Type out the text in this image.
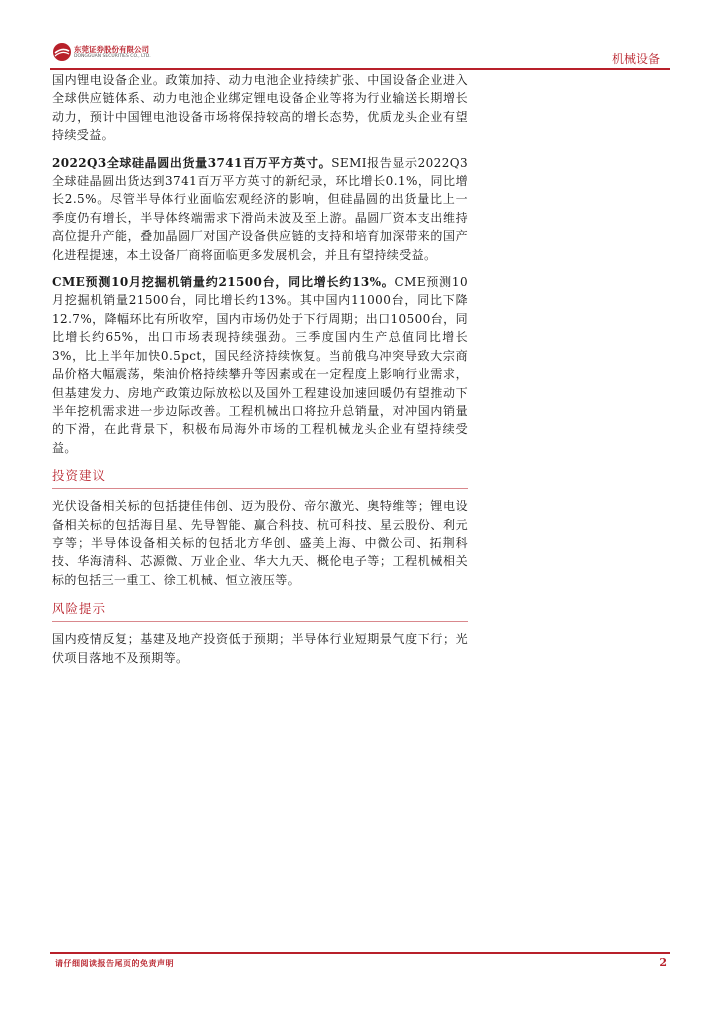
东莞证券股份有限公司
DONGGUAN SECURITIES CO., LTD.	机械设备

国内锂电设备企业。政策加持、动力电池企业持续扩张、中国设备企业进入全球供应链体系、动力电池企业绑定锂电设备企业等将为行业输送长期增长动力，预计中国锂电池设备市场将保持较高的增长态势，优质龙头企业有望持续受益。

2022Q3全球硅晶圆出货量3741百万平方英寸。SEMI报告显示2022Q3全球硅晶圆出货达到3741百万平方英寸的新纪录，环比增长0.1%，同比增长2.5%。尽管半导体行业面临宏观经济的影响，但硅晶圆的出货量比上一季度仍有增长，半导体终端需求下滑尚未波及至上游。晶圆厂资本支出维持高位提升产能，叠加晶圆厂对国产设备供应链的支持和培育加深带来的国产化进程提速，本土设备厂商将面临更多发展机会，并且有望持续受益。

CME预测10月挖掘机销量约21500台，同比增长约13%。CME预测10月挖掘机销量21500台，同比增长约13%。其中国内11000台，同比下降12.7%，降幅环比有所收窄，国内市场仍处于下行周期；出口10500台，同比增长约65%，出口市场表现持续强劲。三季度国内生产总值同比增长3%，比上半年加快0.5pct，国民经济持续恢复。当前俄乌冲突导致大宗商品价格大幅震荡，柴油价格持续攀升等因素或在一定程度上影响行业需求，但基建发力、房地产政策边际放松以及国外工程建设加速回暖仍有望推动下半年挖机需求进一步边际改善。工程机械出口将拉升总销量，对冲国内销量的下滑，在此背景下，积极布局海外市场的工程机械龙头企业有望持续受益。

投资建议

光伏设备相关标的包括捷佳伟创、迈为股份、帝尔激光、奥特维等；锂电设备相关标的包括海目星、先导智能、赢合科技、杭可科技、星云股份、利元亨等；半导体设备相关标的包括北方华创、盛美上海、中微公司、拓荆科技、华海清科、芯源微、万业企业、华大九天、概伦电子等；工程机械相关标的包括三一重工、徐工机械、恒立液压等。

风险提示

国内疫情反复；基建及地产投资低于预期；半导体行业短期景气度下行；光伏项目落地不及预期等。

请仔细阅读报告尾页的免责声明	2
